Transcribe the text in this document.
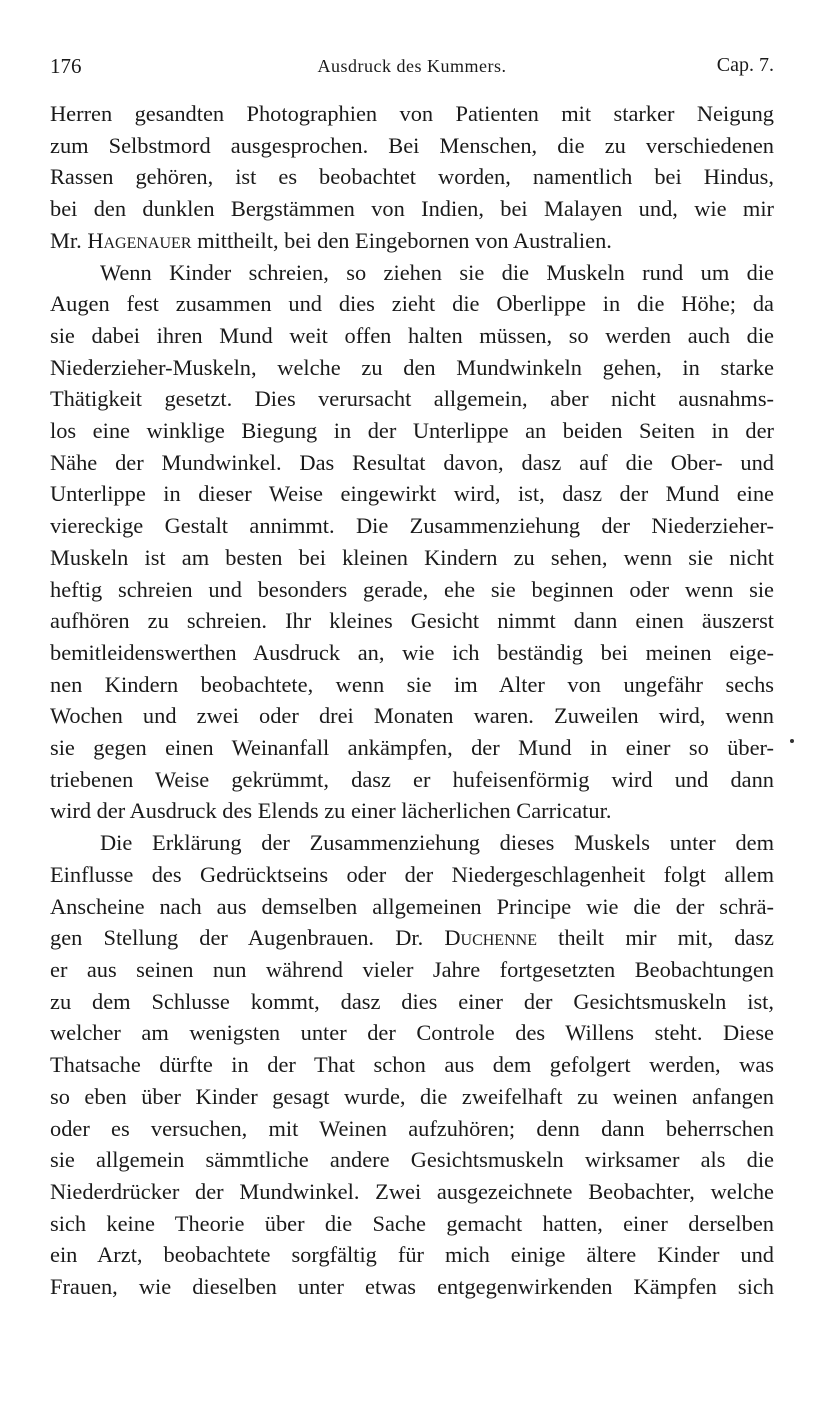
176	Ausdruck des Kummers.	Cap. 7.
Herren gesandten Photographien von Patienten mit starker Neigung
zum Selbstmord ausgesprochen. Bei Menschen, die zu verschiedenen
Rassen gehören, ist es beobachtet worden, namentlich bei Hindus,
bei den dunklen Bergstämmen von Indien, bei Malayen und, wie mir
Mr. Hagenauer mittheilt, bei den Eingebornen von Australien.
Wenn Kinder schreien, so ziehen sie die Muskeln rund um die
Augen fest zusammen und dies zieht die Oberlippe in die Höhe; da
sie dabei ihren Mund weit offen halten müssen, so werden auch die
Niederzieher-Muskeln, welche zu den Mundwinkeln gehen, in starke
Thätigkeit gesetzt. Dies verursacht allgemein, aber nicht ausnahms-
los eine winklige Biegung in der Unterlippe an beiden Seiten in der
Nähe der Mundwinkel. Das Resultat davon, dasz auf die Ober- und
Unterlippe in dieser Weise eingewirkt wird, ist, dasz der Mund eine
viereckige Gestalt annimmt. Die Zusammenziehung der Niederzieher-
Muskeln ist am besten bei kleinen Kindern zu sehen, wenn sie nicht
heftig schreien und besonders gerade, ehe sie beginnen oder wenn sie
aufhören zu schreien. Ihr kleines Gesicht nimmt dann einen äuszerst
bemitleidenswerthen Ausdruck an, wie ich beständig bei meinen eige-
nen Kindern beobachtete, wenn sie im Alter von ungefähr sechs
Wochen und zwei oder drei Monaten waren. Zuweilen wird, wenn
sie gegen einen Weinanfall ankämpfen, der Mund in einer so über-
triebenen Weise gekrümmt, dasz er hufeisenförmig wird und dann
wird der Ausdruck des Elends zu einer lächerlichen Carricatur.
Die Erklärung der Zusammenziehung dieses Muskels unter dem
Einflusse des Gedrücktseins oder der Niedergeschlagenheit folgt allem
Anscheine nach aus demselben allgemeinen Principe wie die der schrä-
gen Stellung der Augenbrauen. Dr. Duchenne theilt mir mit, dasz
er aus seinen nun während vieler Jahre fortgesetzten Beobachtungen
zu dem Schlusse kommt, dasz dies einer der Gesichtsmuskeln ist,
welcher am wenigsten unter der Controle des Willens steht. Diese
Thatsache dürfte in der That schon aus dem gefolgert werden, was
so eben über Kinder gesagt wurde, die zweifelhaft zu weinen anfangen
oder es versuchen, mit Weinen aufzuhören; denn dann beherrschen
sie allgemein sämmtliche andere Gesichtsmuskeln wirksamer als die
Niederdrücker der Mundwinkel. Zwei ausgezeichnete Beobachter, welche
sich keine Theorie über die Sache gemacht hatten, einer derselben
ein Arzt, beobachtete sorgfältig für mich einige ältere Kinder und
Frauen, wie dieselben unter etwas entgegenwirkenden Kämpfen sich
